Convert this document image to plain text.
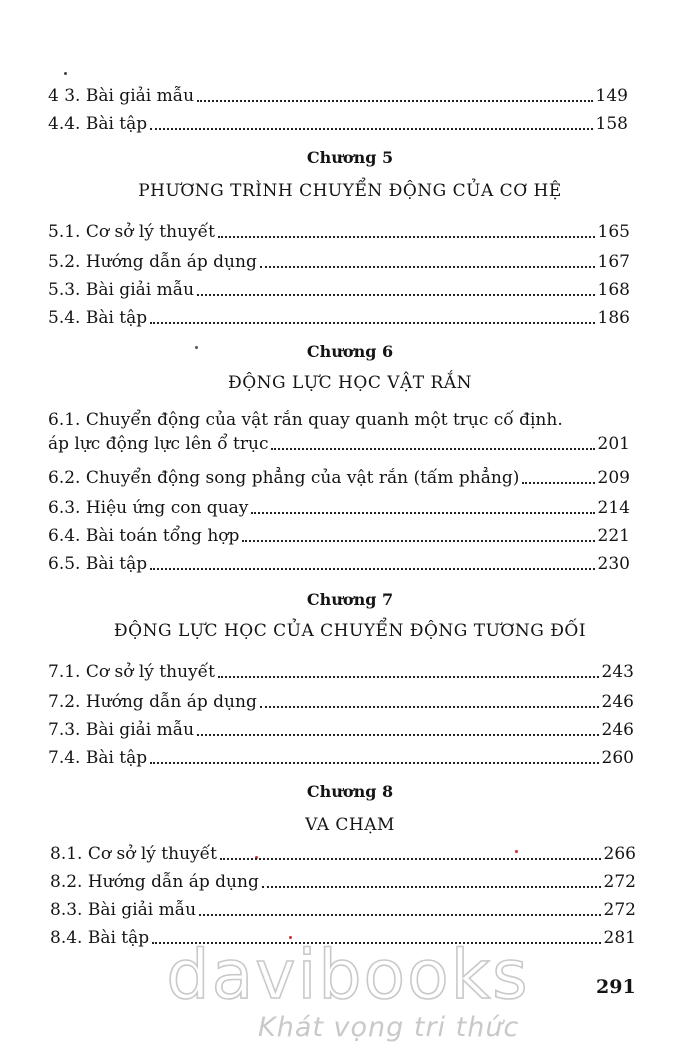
4 3. Bài giải mẫu	149
4.4. Bài tập	158
Chương 5
PHƯƠNG TRÌNH CHUYỂN ĐỘNG CỦA CƠ HỆ
5.1. Cơ sở lý thuyết	165
5.2. Hướng dẫn áp dụng	167
5.3. Bài giải mẫu	168
5.4. Bài tập	186
Chương 6
ĐỘNG LỰC HỌC VẬT RẮN
6.1. Chuyển động của vật rắn quay quanh một trục cố định.
áp lực động lực lên ổ trục	201
6.2. Chuyển động song phẳng của vật rắn (tấm phẳng)	209
6.3. Hiệu ứng con quay	214
6.4. Bài toán tổng hợp	221
6.5. Bài tập	230
Chương 7
ĐỘNG LỰC HỌC CỦA CHUYỂN ĐỘNG TƯƠNG ĐỐI
7.1. Cơ sở lý thuyết	243
7.2. Hướng dẫn áp dụng	246
7.3. Bài giải mẫu	246
7.4. Bài tập	260
Chương 8
VA CHẠM
8.1. Cơ sở lý thuyết	266
8.2. Hướng dẫn áp dụng	272
8.3. Bài giải mẫu	272
8.4. Bài tập	281
davibooks	291
Khát vọng tri thức
